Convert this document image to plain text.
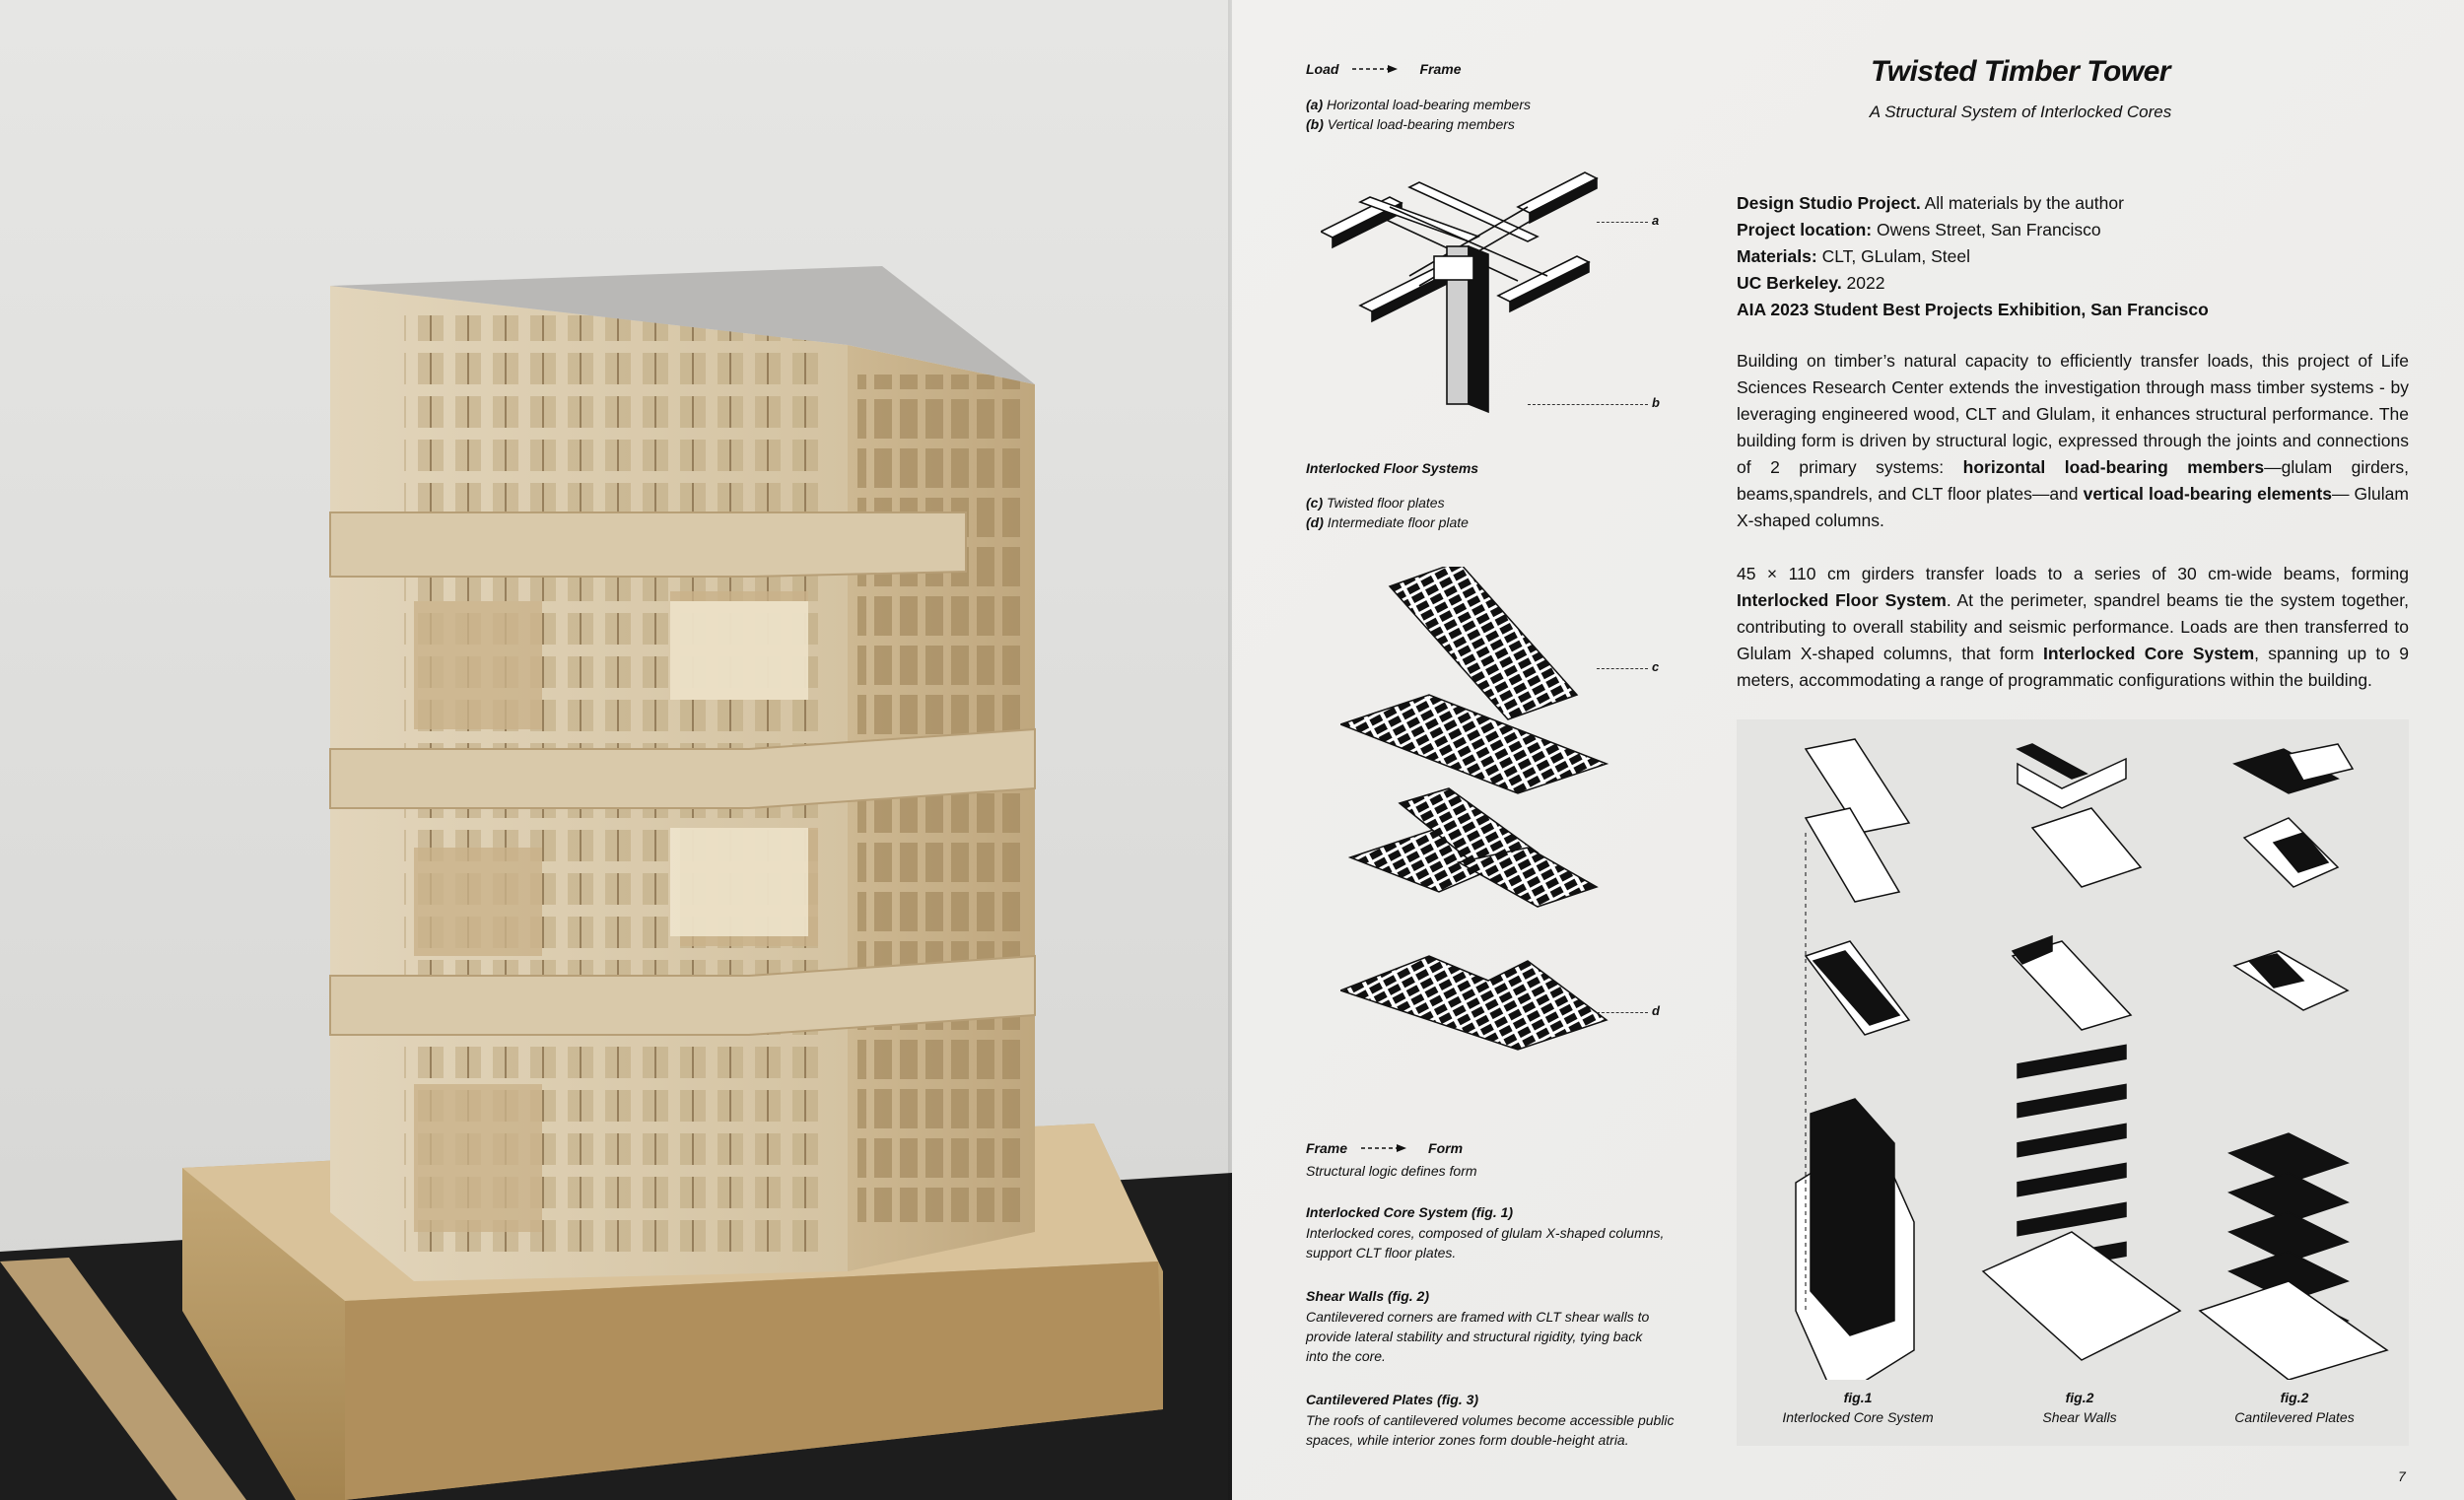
Load	Frame
(a) Horizontal load-bearing members
(b) Vertical load-bearing members
a
b
Interlocked Floor Systems
(c) Twisted floor plates
(d) Intermediate floor plate
c
d
Frame	Form
Structural logic defines form
Interlocked Core System (fig. 1)
Interlocked cores, composed of glulam X-shaped columns,
support CLT floor plates.
Shear Walls (fig. 2)
Cantilevered corners are framed with CLT shear walls to
provide lateral stability and structural rigidity, tying back
into the core.
Cantilevered Plates (fig. 3)
The roofs of cantilevered volumes become accessible public
spaces, while interior zones form double-height atria.
Twisted Timber Tower
A Structural System of Interlocked Cores
Design Studio Project. All materials by the author
Project location: Owens Street, San Francisco
Materials: CLT, GLulam, Steel
UC Berkeley. 2022
AIA 2023 Student Best Projects Exhibition, San Francisco
Building on timber’s natural capacity to efficiently transfer loads, this project of Life Sciences Research Center extends the investigation through mass timber systems - by leveraging engineered wood, CLT and Glulam, it enhances structural performance. The building form is driven by structural logic, expressed through the joints and connections of 2 primary systems: horizontal load-bearing members—glulam girders, beams,spandrels, and CLT floor plates—and vertical load-bearing elements— Glulam X-shaped columns.
45 × 110 cm girders transfer loads to a series of 30 cm-wide beams, forming Interlocked Floor System. At the perimeter, spandrel beams tie the system together, contributing to overall stability and seismic performance. Loads are then transferred to Glulam X-shaped columns, that form Interlocked Core System, spanning up to 9 meters, accommodating a range of programmatic configurations within the building.
fig.1
Interlocked Core System
fig.2
Shear Walls
fig.2
Cantilevered Plates
7
